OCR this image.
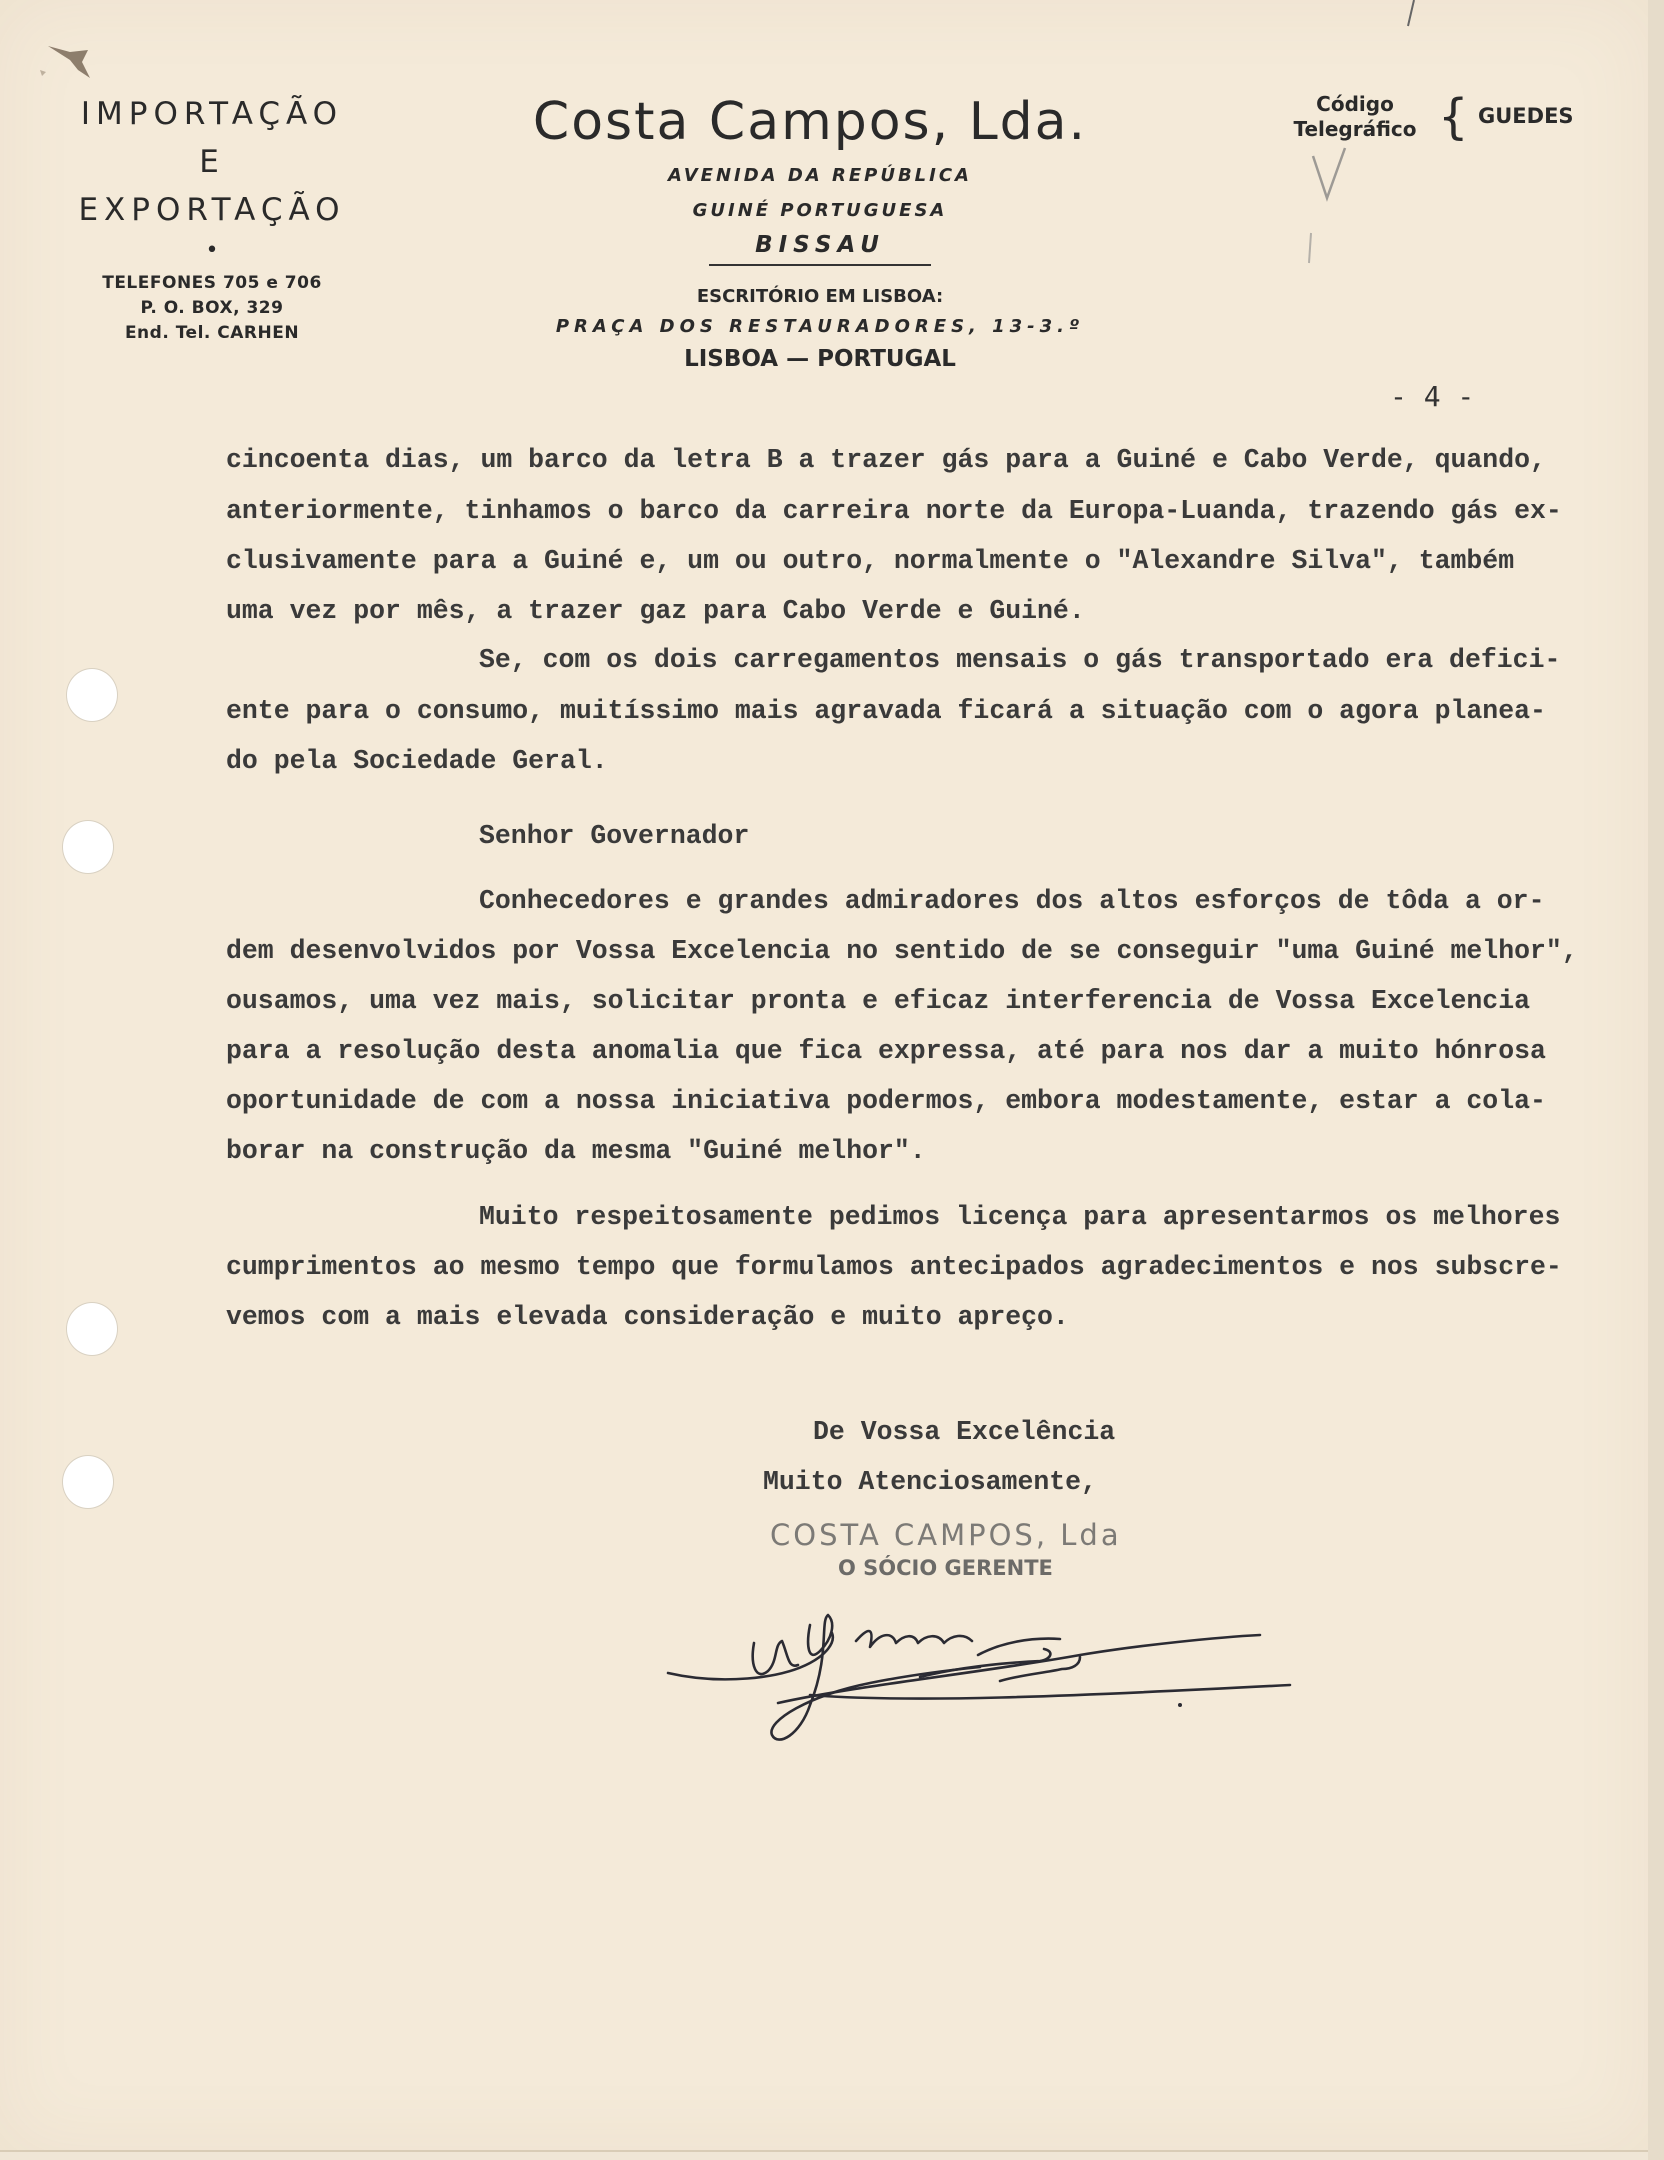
IMPORTAÇÃO E
EXPORTAÇÃO
•
TELEFONES 705 e 706
P. O. BOX, 329
End. Tel. CARHEN
Costa Campos, Lda.
AVENIDA DA REPÚBLICA
GUINÉ PORTUGUESA
BISSAU
ESCRITÓRIO EM LISBOA:
PRAÇA DOS RESTAURADORES, 13-3.º
LISBOA — PORTUGAL
Código
Telegráfico { GUEDES
- 4 -
cincoenta dias, um barco da letra B a trazer gás para a Guiné e Cabo Verde, quando,
anteriormente, tinhamos o barco da carreira norte da Europa-Luanda, trazendo gás ex-
clusivamente para a Guiné e, um ou outro, normalmente o "Alexandre Silva", também
uma vez por mês, a trazer gaz para Cabo Verde e Guiné.
Se, com os dois carregamentos mensais o gás transportado era defici-
ente para o consumo, muitíssimo mais agravada ficará a situação com o agora planea-
do pela Sociedade Geral.
Senhor Governador
Conhecedores e grandes admiradores dos altos esforços de tôda a or-
dem desenvolvidos por Vossa Excelencia no sentido de se conseguir "uma Guiné melhor",
ousamos, uma vez mais, solicitar pronta e eficaz interferencia de Vossa Excelencia
para a resolução desta anomalia que fica expressa, até para nos dar a muito hónrosa
oportunidade de com a nossa iniciativa podermos, embora modestamente, estar a cola-
borar na construção da mesma "Guiné melhor".
Muito respeitosamente pedimos licença para apresentarmos os melhores
cumprimentos ao mesmo tempo que formulamos antecipados agradecimentos e nos subscre-
vemos com a mais elevada consideração e muito apreço.
De Vossa Excelência
Muito Atenciosamente,
COSTA CAMPOS, Lda
O SÓCIO GERENTE
